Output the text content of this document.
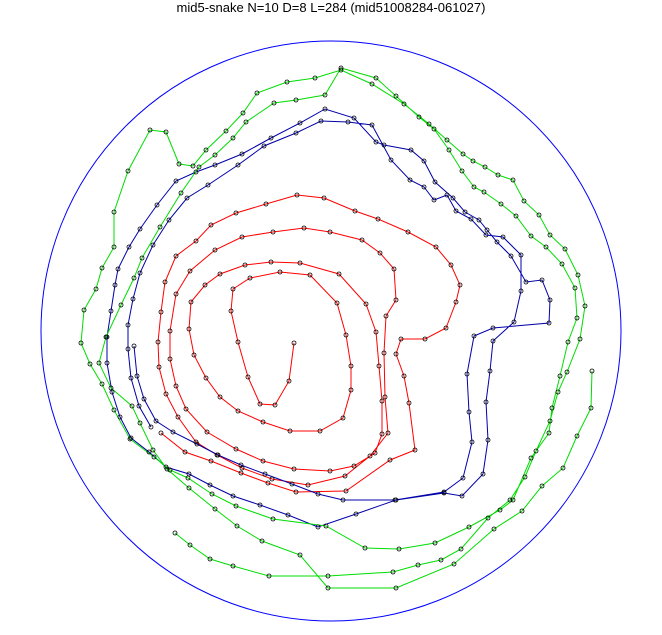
mid5-snake N=10 D=8 L=284 (mid51008284-061027)
